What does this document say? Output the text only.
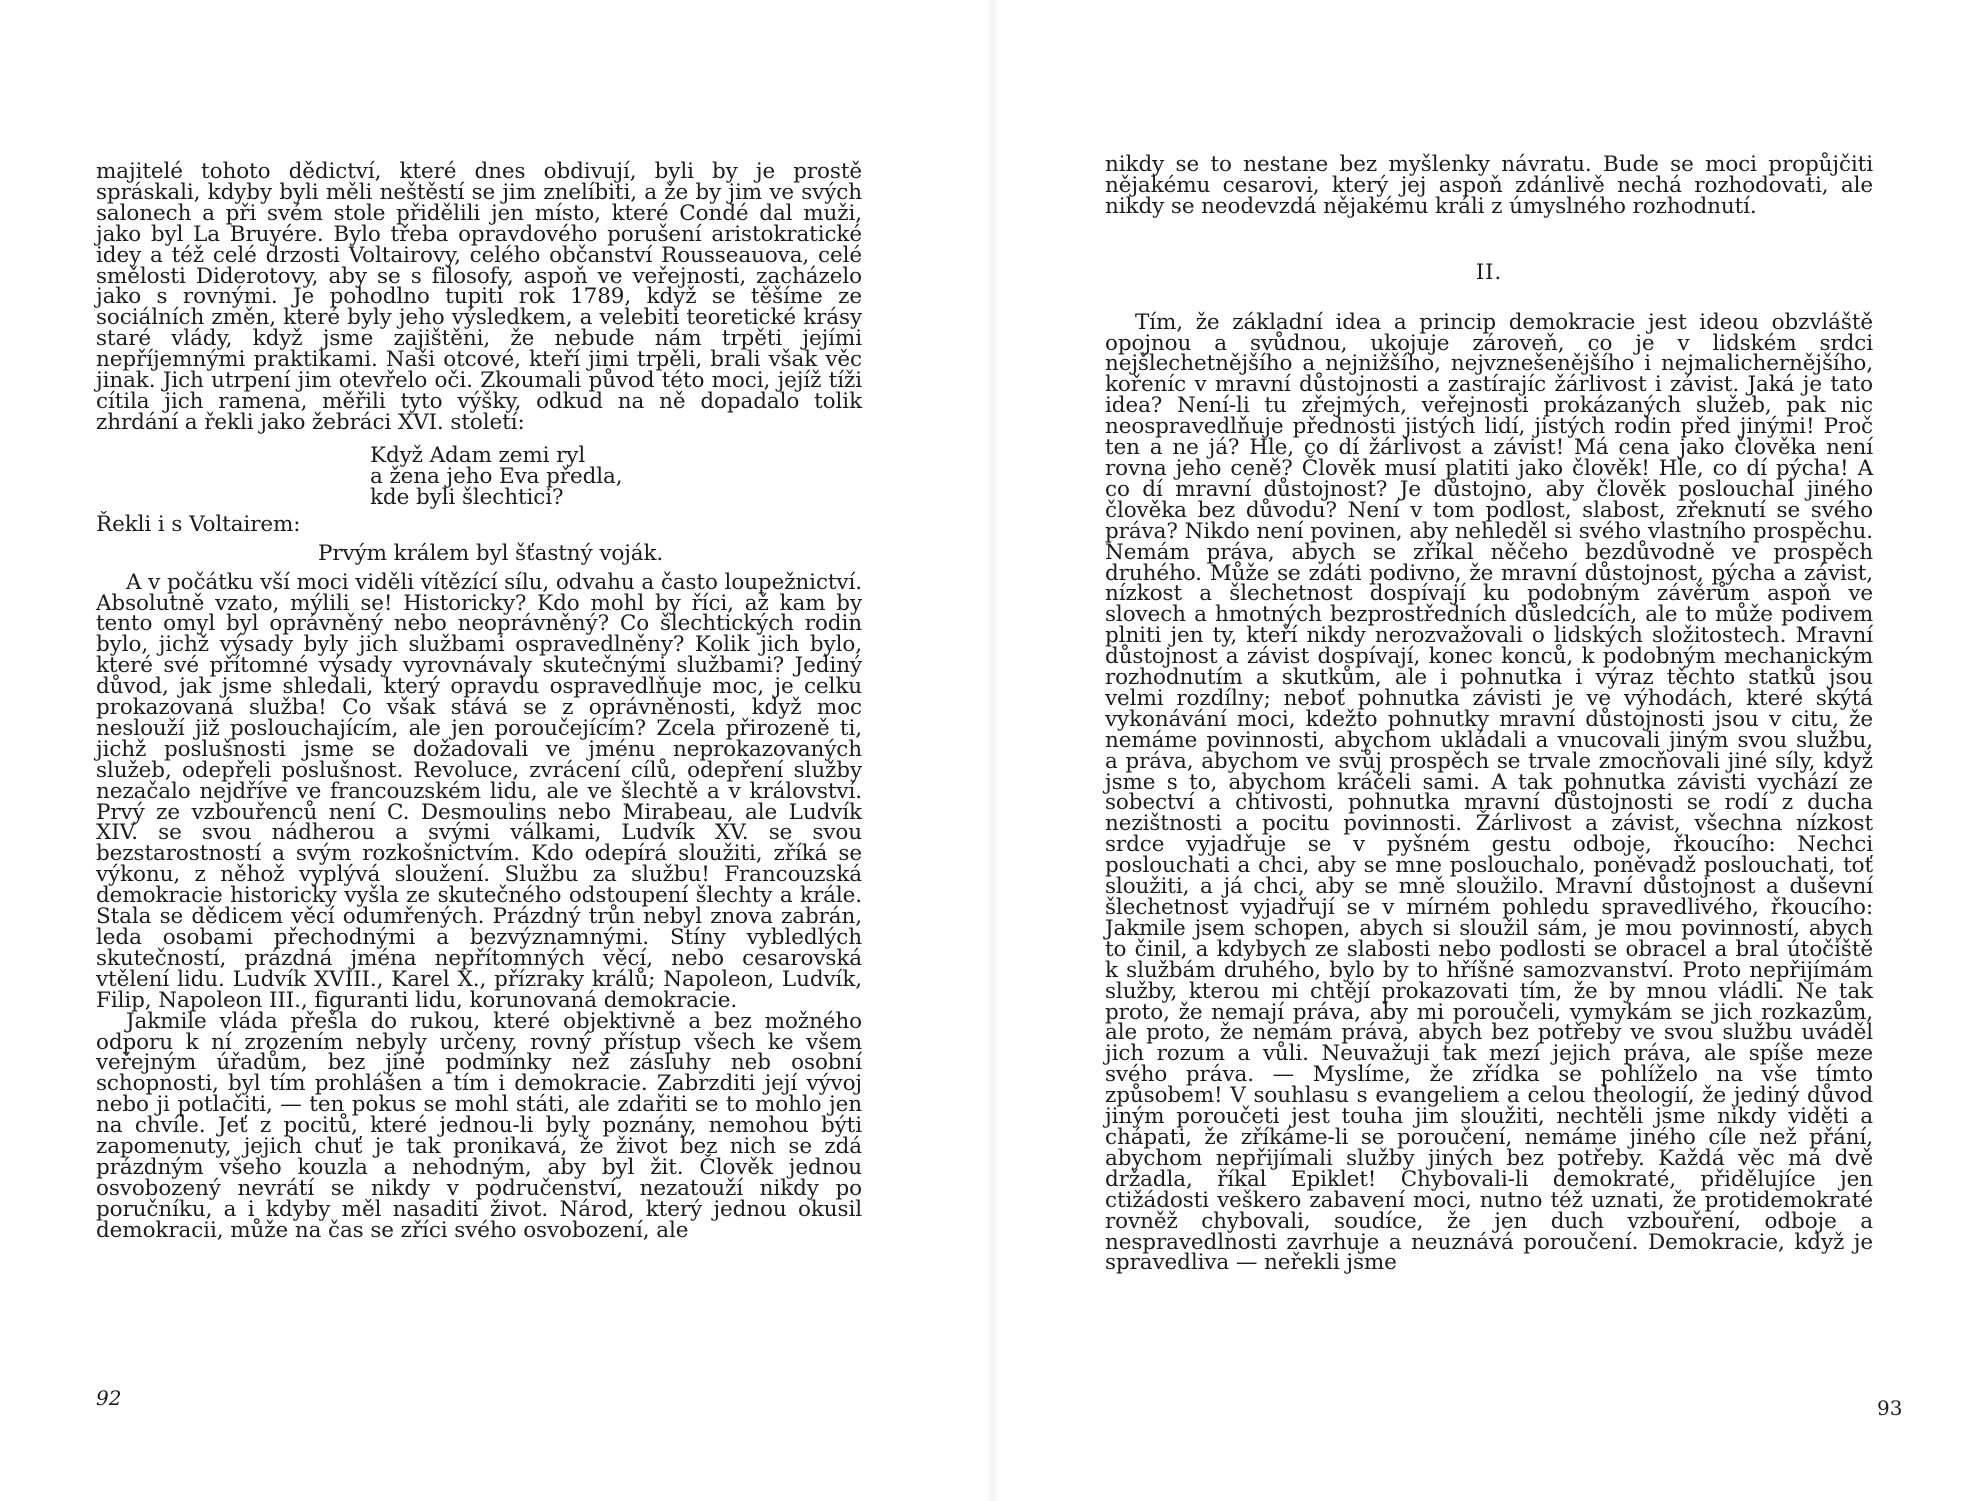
majitelé tohoto dědictví, které dnes obdivují, byli by je prostě spráskali, kdyby byli měli neštěstí se jim znelíbiti, a že by jim ve svých salonech a při svém stole přidělili jen místo, které Condé dal muži, jako byl La Bruyére. Bylo třeba opravdového porušení aristokratické idey a též celé drzosti Voltairovy, celého občanství Rousseauova, celé smělosti Diderotovy, aby se s filosofy, aspoň ve veřejnosti, zacházelo jako s rovnými. Je pohodlno tupiti rok 1789, když se těšíme ze sociálních změn, které byly jeho výsledkem, a velebiti teoretické krásy staré vlády, když jsme zajištěni, že nebude nám trpěti jejími nepříjemnými praktikami. Naši otcové, kteří jimi trpěli, brali však věc jinak. Jich utrpení jim otevřelo oči. Zkoumali původ této moci, jejíž tíži cítila jich ramena, měřili tyto výšky, odkud na ně dopadalo tolik zhrdání a řekli jako žebráci XVI. století:

Když Adam zemi ryl
a žena jeho Eva předla,
kde byli šlechtici?
Řekli i s Voltairem:
Prvým králem byl šťastný voják.

A v počátku vší moci viděli vítězící sílu, odvahu a často loupežnictví. Absolutně vzato, mýlili se! Historicky? Kdo mohl by říci, až kam by tento omyl byl oprávněný nebo neoprávněný? Co šlechtických rodin bylo, jichž výsady byly jich službami ospravedlněny? Kolik jich bylo, které své přítomné výsady vyrovnávaly skutečnými službami? Jediný důvod, jak jsme shledali, který opravdu ospravedlňuje moc, je celku prokazovaná služba! Co však stává se z oprávněnosti, když moc neslouží již poslouchajícím, ale jen poroučejícím? Zcela přirozeně ti, jichž poslušnosti jsme se dožadovali ve jménu neprokazovaných služeb, odepřeli poslušnost. Revoluce, zvrácení cílů, odepření služby nezačalo nejdříve ve francouzském lidu, ale ve šlechtě a v království. Prvý ze vzbouřenců není C. Desmoulins nebo Mirabeau, ale Ludvík XIV. se svou nádherou a svými válkami, Ludvík XV. se svou bezstarostností a svým rozkošnictvím. Kdo odepírá sloužiti, zříká se výkonu, z něhož vyplývá sloužení. Službu za službu! Francouzská demokracie historicky vyšla ze skutečného odstoupení šlechty a krále. Stala se dědicem věcí odumřených. Prázdný trůn nebyl znova zabrán, leda osobami přechodnými a bezvýznamnými. Stíny vybledlých skutečností, prázdná jména nepřítomných věcí, nebo cesarovská vtělení lidu. Ludvík XVIII., Karel X., přízraky králů; Napoleon, Ludvík, Filip, Napoleon III., figuranti lidu, korunovaná demokracie.

Jakmile vláda přešla do rukou, které objektivně a bez možného odporu k ní zrozením nebyly určeny, rovný přístup všech ke všem veřejným úřadům, bez jiné podmínky než zásluhy neb osobní schopnosti, byl tím prohlášen a tím i demokracie. Zabrzditi její vývoj nebo ji potlačiti, — ten pokus se mohl státi, ale zdařiti se to mohlo jen na chvíle. Jeť z pocitů, které jednou-li byly poznány, nemohou býti zapomenuty, jejich chuť je tak pronikavá, že život bez nich se zdá prázdným všeho kouzla a nehodným, aby byl žit. Člověk jednou osvobozený nevrátí se nikdy v područenství, nezatouží nikdy po poručníku, a i kdyby měl nasaditi život. Národ, který jednou okusil demokracii, může na čas se zříci svého osvobození, ale

92

nikdy se to nestane bez myšlenky návratu. Bude se moci propůjčiti nějakému cesarovi, který jej aspoň zdánlivě nechá rozhodovati, ale nikdy se neodevzdá nějakému králi z úmyslného rozhodnutí.

II.

Tím, že základní idea a princip demokracie jest ideou obzvláště opojnou a svůdnou, ukojuje zároveň, co je v lidském srdci nejšlechetnějšího a nejnižšího, nejvznešenějšího i nejmalichernějšího, kořeníc v mravní důstojnosti a zastírajíc žárlivost i závist. Jaká je tato idea? Není-li tu zřejmých, veřejnosti prokázaných služeb, pak nic neospravedlňuje přednosti jistých lidí, jistých rodin před jinými! Proč ten a ne já? Hle, co dí žárlivost a závist! Má cena jako člověka není rovna jeho ceně? Člověk musí platiti jako člověk! Hle, co dí pýcha! A co dí mravní důstojnost? Je důstojno, aby člověk poslouchal jiného člověka bez důvodu? Není v tom podlost, slabost, zřeknutí se svého práva? Nikdo není povinen, aby nehleděl si svého vlastního prospěchu. Nemám práva, abych se zříkal něčeho bezdůvodně ve prospěch druhého. Může se zdáti podivno, že mravní důstojnost, pýcha a závist, nízkost a šlechetnost dospívají ku podobným závěrům aspoň ve slovech a hmotných bezprostředních důsledcích, ale to může podivem plniti jen ty, kteří nikdy nerozvažovali o lidských složitostech. Mravní důstojnost a závist dospívají, konec konců, k podobným mechanickým rozhodnutím a skutkům, ale i pohnutka i výraz těchto statků jsou velmi rozdílny; neboť pohnutka závisti je ve výhodách, které skýtá vykonávání moci, kdežto pohnutky mravní důstojnosti jsou v citu, že nemáme povinnosti, abychom ukládali a vnucovali jiným svou službu, a práva, abychom ve svůj prospěch se trvale zmocňovali jiné síly, když jsme s to, abychom kráčeli sami. A tak pohnutka závisti vychází ze sobectví a chtivosti, pohnutka mravní důstojnosti se rodí z ducha nezištnosti a pocitu povinnosti. Žárlivost a závist, všechna nízkost srdce vyjadřuje se v pyšném gestu odboje, řkoucího: Nechci poslouchati a chci, aby se mne poslouchalo, poněvadž poslouchati, toť sloužiti, a já chci, aby se mně sloužilo. Mravní důstojnost a duševní šlechetnost vyjadřují se v mírném pohledu spravedlivého, řkoucího: Jakmile jsem schopen, abych si sloužil sám, je mou povinností, abych to činil, a kdybych ze slabosti nebo podlosti se obracel a bral útočiště k službám druhého, bylo by to hříšné samozvanství. Proto nepřijímám služby, kterou mi chtějí prokazovati tím, že by mnou vládli. Ne tak proto, že nemají práva, aby mi poroučeli, vymykám se jich rozkazům, ale proto, že nemám práva, abych bez potřeby ve svou službu uváděl jich rozum a vůli. Neuvažuji tak mezí jejich práva, ale spíše meze svého práva. — Myslíme, že zřídka se pohlíželo na vše tímto způsobem! V souhlasu s evangeliem a celou theologií, že jediný důvod jiným poroučeti jest touha jim sloužiti, nechtěli jsme nikdy viděti a chápati, že zříkáme-li se poroučení, nemáme jiného cíle než přání, abychom nepřijímali služby jiných bez potřeby. Každá věc má dvě držadla, říkal Epiklet! Chybovali-li demokraté, přidělujíce jen ctižádosti veškero zabavení moci, nutno též uznati, že protidemokraté rovněž chybovali, soudíce, že jen duch vzbouření, odboje a nespravedlnosti zavrhuje a neuznává poroučení. Demokracie, když je spravedliva — neřekli jsme

93
